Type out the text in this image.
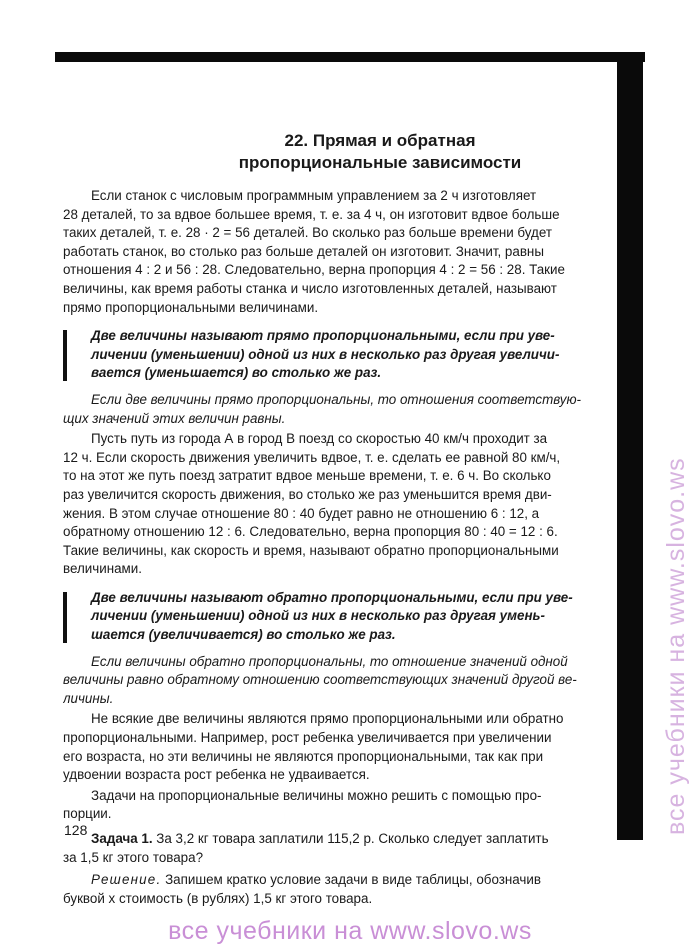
22. Прямая и обратная
пропорциональные зависимости
Если станок с числовым программным управлением за 2 ч изготовляет
28 деталей, то за вдвое большее время, т. е. за 4 ч, он изготовит вдвое больше
таких деталей, т. е. 28 · 2 = 56 деталей. Во сколько раз больше времени будет
работать станок, во столько раз больше деталей он изготовит. Значит, равны
отношения 4 : 2 и 56 : 28. Следовательно, верна пропорция 4 : 2 = 56 : 28. Такие
величины, как время работы станка и число изготовленных деталей, называют
прямо пропорциональными величинами.
Две величины называют прямо пропорциональными, если при уве-
личении (уменьшении) одной из них в несколько раз другая увеличи-
вается (уменьшается) во столько же раз.
Если две величины прямо пропорциональны, то отношения соответствую-
щих значений этих величин равны.
Пусть путь из города А в город В поезд со скоростью 40 км/ч проходит за
12 ч. Если скорость движения увеличить вдвое, т. е. сделать ее равной 80 км/ч,
то на этот же путь поезд затратит вдвое меньше времени, т. е. 6 ч. Во сколько
раз увеличится скорость движения, во столько же раз уменьшится время дви-
жения. В этом случае отношение 80 : 40 будет равно не отношению 6 : 12, а
обратному отношению 12 : 6. Следовательно, верна пропорция 80 : 40 = 12 : 6.
Такие величины, как скорость и время, называют обратно пропорциональными
величинами.
Две величины называют обратно пропорциональными, если при уве-
личении (уменьшении) одной из них в несколько раз другая умень-
шается (увеличивается) во столько же раз.
Если величины обратно пропорциональны, то отношение значений одной
величины равно обратному отношению соответствующих значений другой ве-
личины.
Не всякие две величины являются прямо пропорциональными или обратно
пропорциональными. Например, рост ребенка увеличивается при увеличении
его возраста, но эти величины не являются пропорциональными, так как при
удвоении возраста рост ребенка не удваивается.
Задачи на пропорциональные величины можно решить с помощью про-
порции.
Задача 1. За 3,2 кг товара заплатили 115,2 р. Сколько следует заплатить
за 1,5 кг этого товара?
Решение. Запишем кратко условие задачи в виде таблицы, обозначив
буквой x стоимость (в рублях) 1,5 кг этого товара.
128	все учебники на www.slovo.ws
все учебники на www.slovo.ws
